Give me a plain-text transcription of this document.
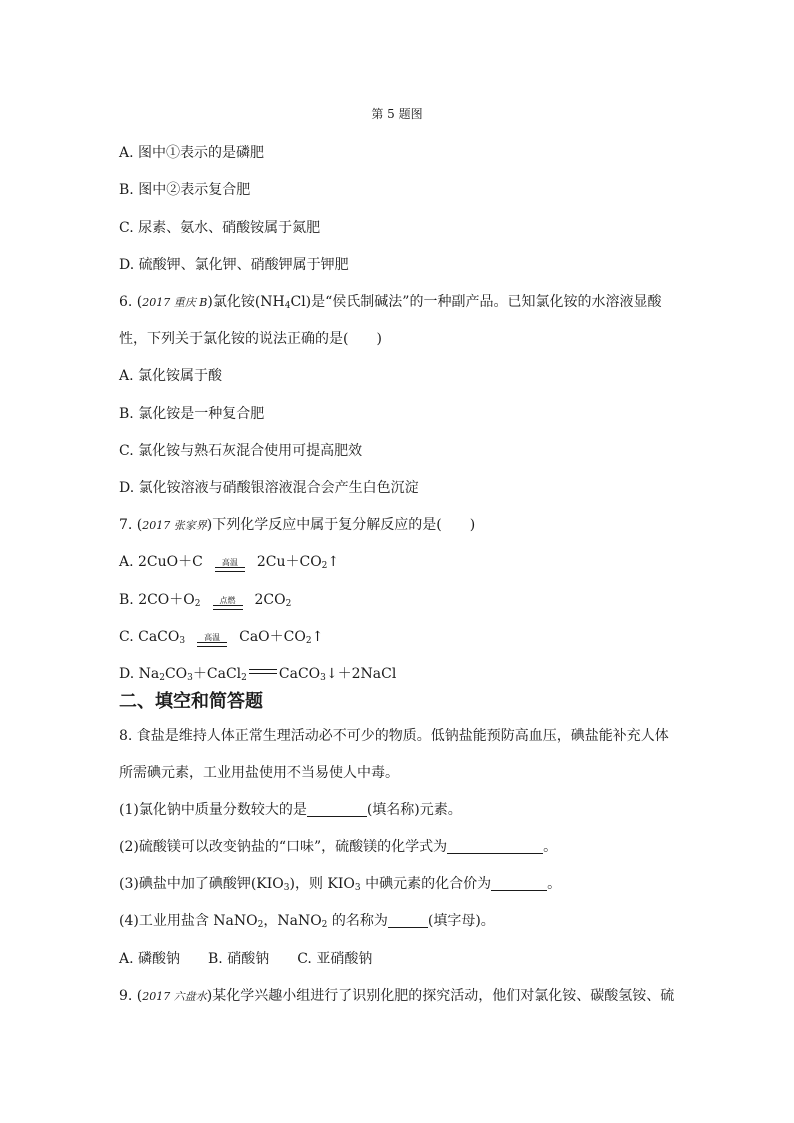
第 5 题图
A. 图中①表示的是磷肥
B. 图中②表示复合肥
C. 尿素、氨水、硝酸铵属于氮肥
D. 硫酸钾、氯化钾、硝酸钾属于钾肥
6. (2017 重庆 B)氯化铵$(NH_4Cl)$是“侯氏制碱法”的一种副产品。已知氯化铵的水溶液显酸
性，下列关于氯化铵的说法正确的是(　　)
A. 氯化铵属于酸
B. 氯化铵是一种复合肥
C. 氯化铵与熟石灰混合使用可提高肥效
D. 氯化铵溶液与硝酸银溶液混合会产生白色沉淀
7. (2017 张家界)下列化学反应中属于复分解反应的是(　　)
A. 2CuO＋C 高温 $2Cu+CO_2↑$
B. $2CO+O_2$ 点燃 $2CO_2$
C. CaCO$_3$ 高温 $CaO+CO_2↑$
D. $Na_2CO_3+CaCl_2$ CaCO$_3$↓＋2NaCl
二、填空和简答题
8. 食盐是维持人体正常生理活动必不可少的物质。低钠盐能预防高血压，碘盐能补充人体
所需碘元素，工业用盐使用不当易使人中毒。
(1)氯化钠中质量分数较大的是	(填名称)元素。
(2)硫酸镁可以改变钠盐的“口味”，硫酸镁的化学式为	。
(3)碘盐中加了碘酸钾$(KIO_3)$，则 $KIO_3$ 中碘元素的化合价为	。
(4)工业用盐含 NaNO$_2$，NaNO$_2$ 的名称为	(填字母)。
A. 磷酸钠 B. 硝酸钠 C. 亚硝酸钠
9. (2017 六盘水)某化学兴趣小组进行了识别化肥的探究活动，他们对氯化铵、碳酸氢铵、硫
